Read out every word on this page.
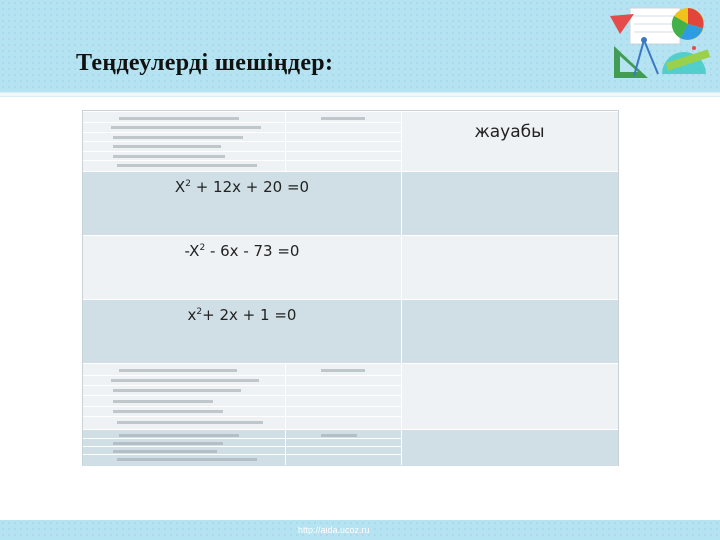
Теңдеулерді шешіңдер:
жауабы
$X^2 + 12x + 20 =0$
$-X^2 - 6x - 73 =0$
$x^2+ 2x + 1 =0$
http://aida.ucoz.ru
